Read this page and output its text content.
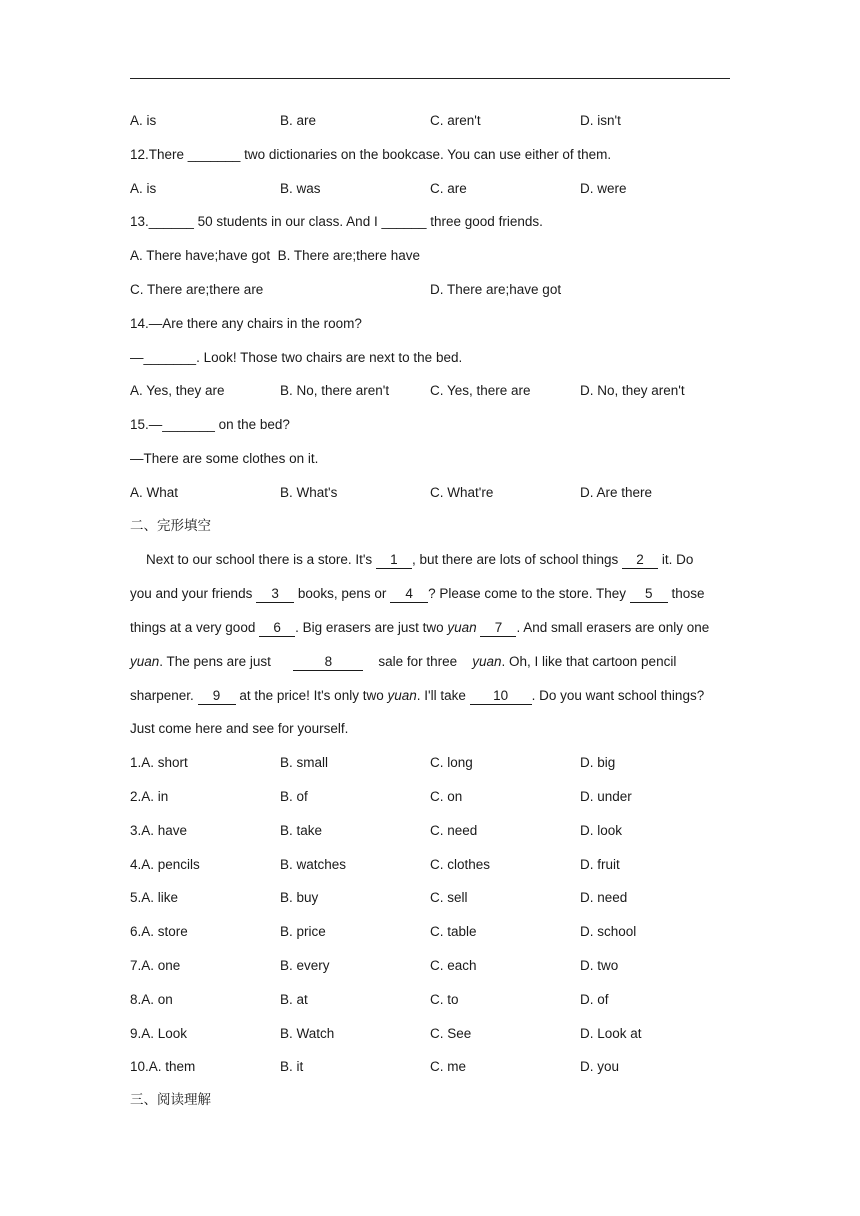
A. is	B. are	C. aren't	D. isn't
12.There _______ two dictionaries on the bookcase. You can use either of them.
A. is	B. was	C. are	D. were
13.______ 50 students in our class. And I ______ three good friends.
A. There have;have got B. There are;there have
C. There are;there are	D. There are;have got
14.—Are there any chairs in the room?
—_______. Look! Those two chairs are next to the bed.
A. Yes, they are	B. No, there aren't	C. Yes, there are	D. No, they aren't
15.—_______ on the bed?
—There are some clothes on it.
A. What	B. What's	C. What're	D. Are there
二、完形填空
Next to our school there is a store. It's 1 , but there are lots of school things 2 it. Do
you and your friends 3 books, pens or 4 ? Please come to the store. They 5 those
things at a very good 6 . Big erasers are just two yuan 7 . And small erasers are only one
yuan. The pens are just	8	sale for three    yuan. Oh, I like that cartoon pencil
sharpener. 9 at the price! It's only two yuan. I'll take 10 . Do you want school things?
Just come here and see for yourself.
1.A. short	B. small	C. long	D. big
2.A. in	B. of	C. on	D. under
3.A. have	B. take	C. need	D. look
4.A. pencils	B. watches	C. clothes	D. fruit
5.A. like	B. buy	C. sell	D. need
6.A. store	B. price	C. table	D. school
7.A. one	B. every	C. each	D. two
8.A. on	B. at	C. to	D. of
9.A. Look	B. Watch	C. See	D. Look at
10.A. them	B. it	C. me	D. you
三、阅读理解
